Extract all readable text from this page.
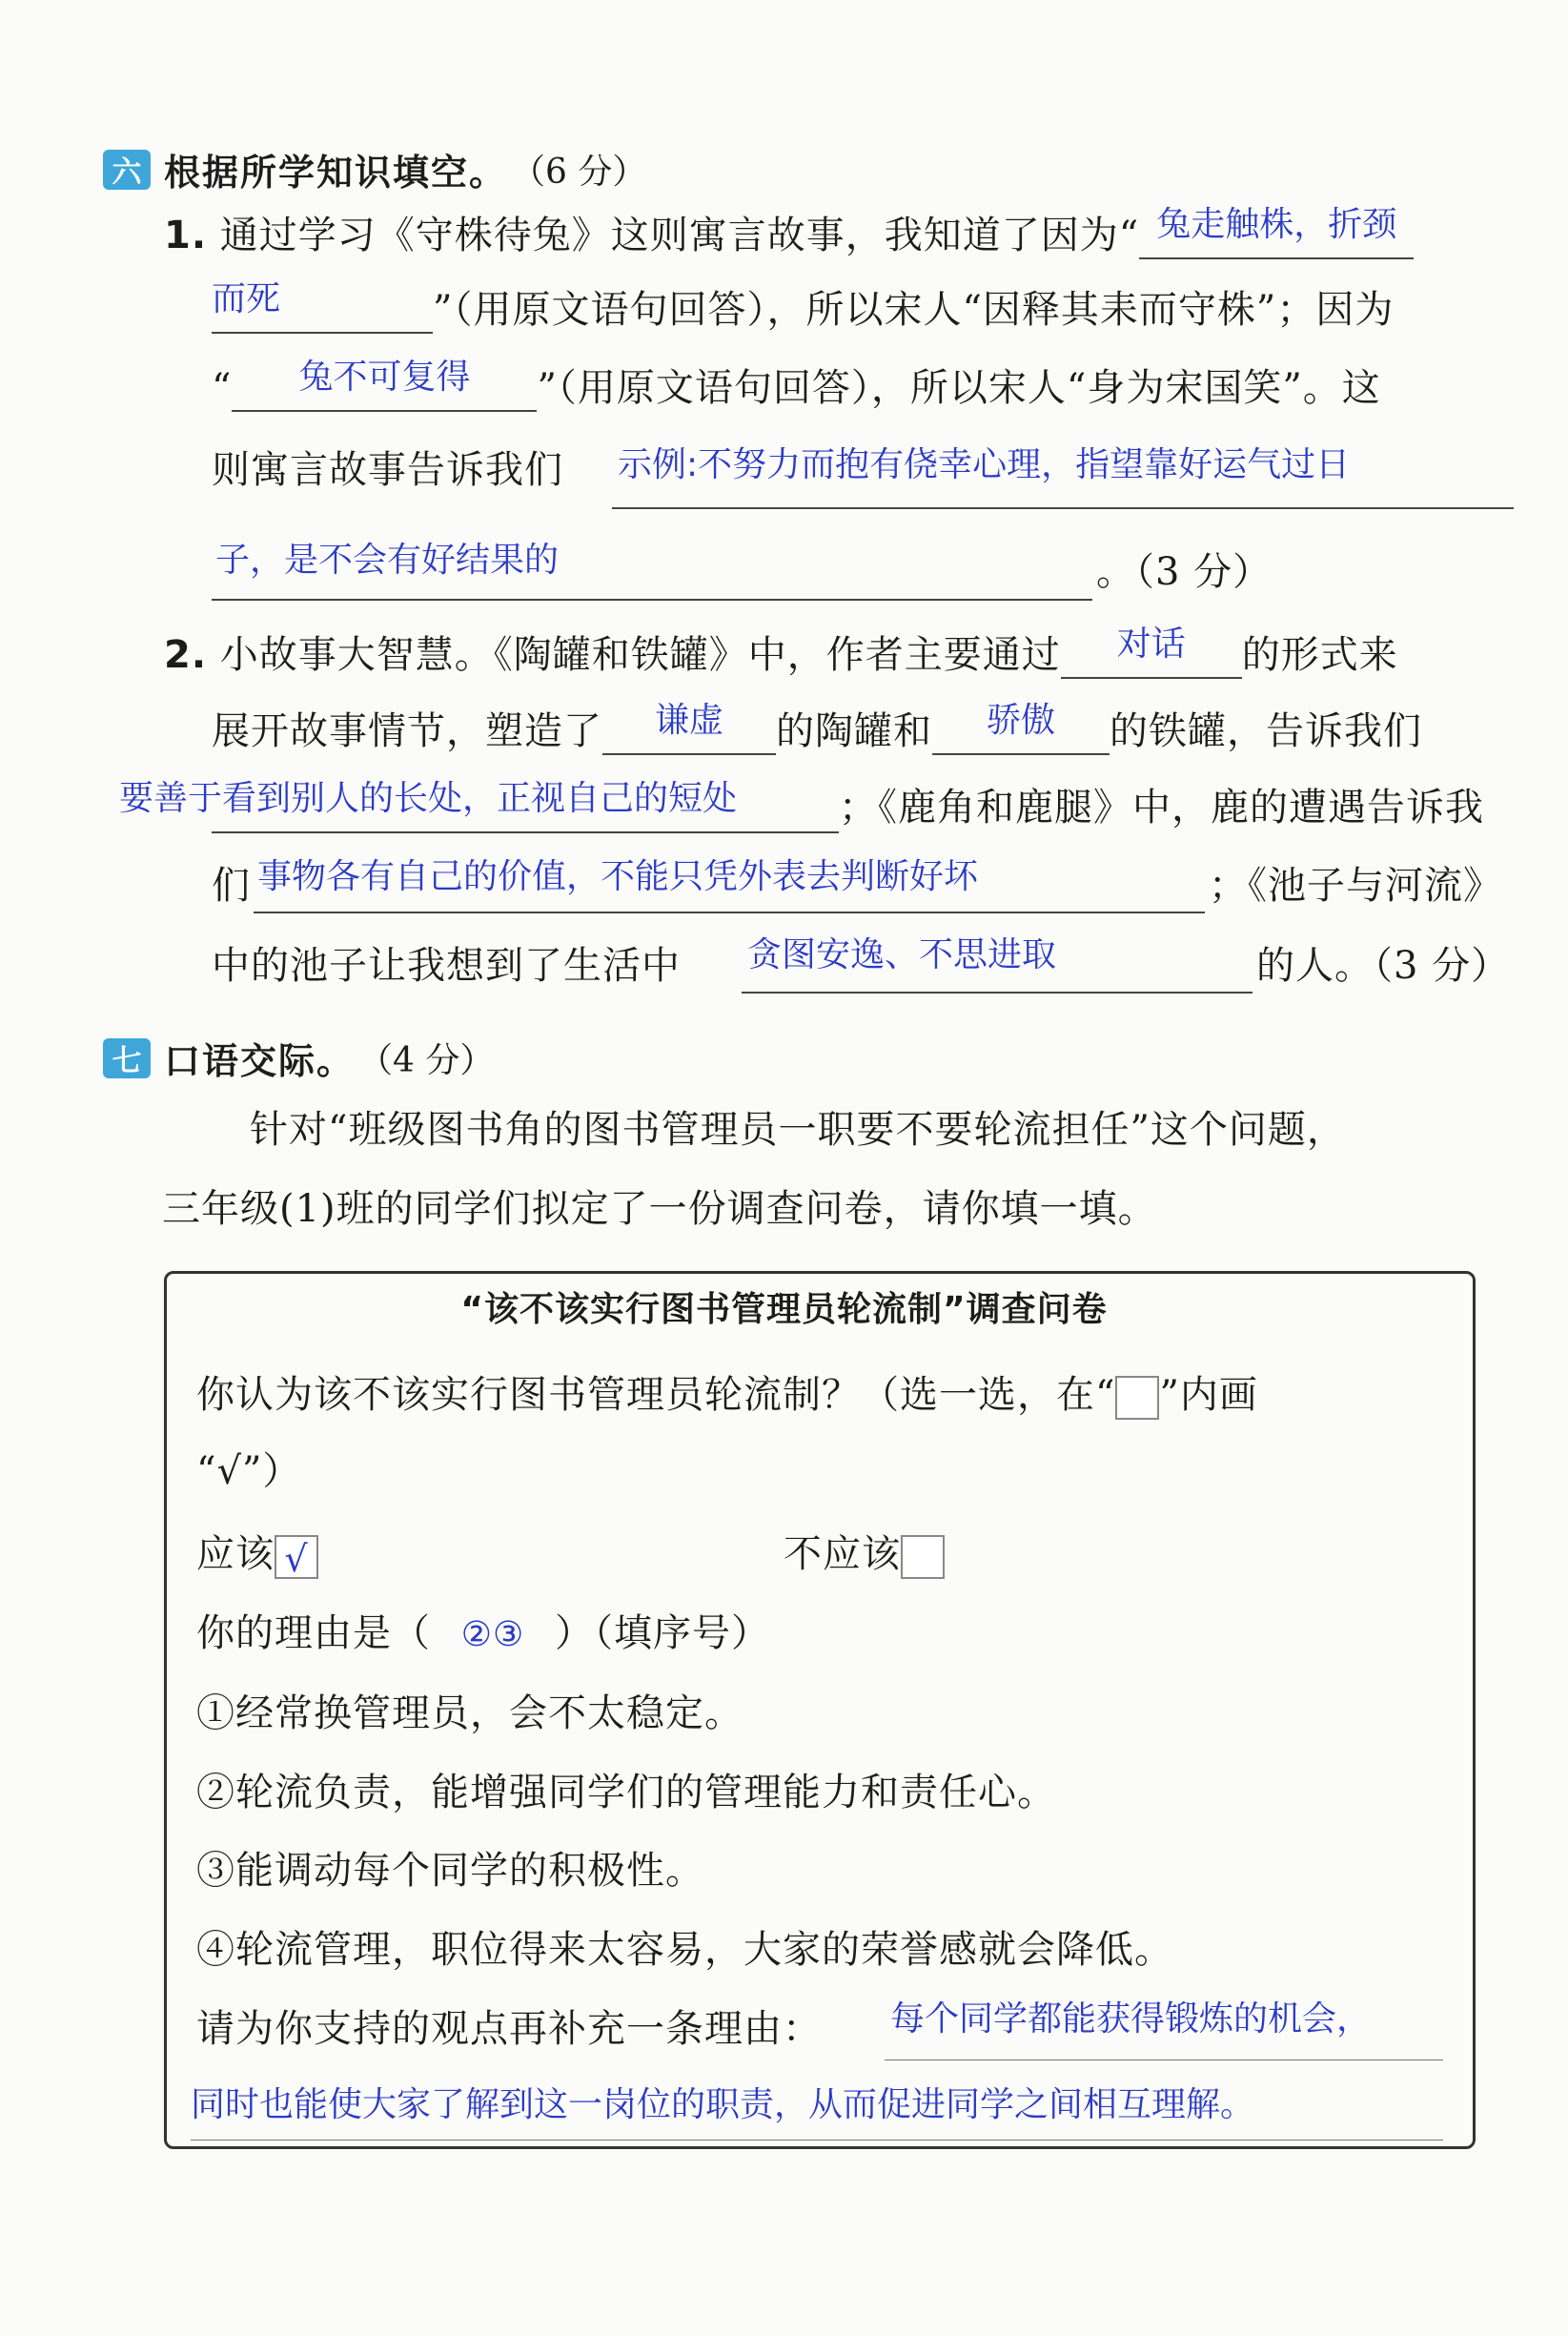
六 根据所学知识填空。 （6 分）
1. 通过学习《守株待兔》这则寓言故事，我知道了因为“ 兔走触株，折颈
而死	”（用原文语句回答），所以宋人“因释其耒而守株”；因为
“	兔不可复得	”（用原文语句回答），所以宋人“身为宋国笑”。这
则寓言故事告诉我们 示例:不努力而抱有侥幸心理，指望靠好运气过日
子，是不会有好结果的	。（3 分）
2. 小故事大智慧。《陶罐和铁罐》中，作者主要通过	对话	的形式来
展开故事情节，塑造了	谦虚	的陶罐和	骄傲	的铁罐，告诉我们
要善于看到别人的长处，正视自己的短处	；《鹿角和鹿腿》中，鹿的遭遇告诉我
们 事物各有自己的价值，不能只凭外表去判断好坏	；《池子与河流》
中的池子让我想到了生活中 贪图安逸、不思进取	的人。（3 分）
七 口语交际。 （4 分）
针对“班级图书角的图书管理员一职要不要轮流担任”这个问题，
三年级(1)班的同学们拟定了一份调查问卷，请你填一填。
“该不该实行图书管理员轮流制”调查问卷
你认为该不该实行图书管理员轮流制？（选一选，在“ ”内画
“√”）
应该 √	不应该
你的理由是（ ②③ ）（填序号）
①经常换管理员，会不太稳定。
②轮流负责，能增强同学们的管理能力和责任心。
③能调动每个同学的积极性。
④轮流管理，职位得来太容易，大家的荣誉感就会降低。
请为你支持的观点再补充一条理由： 每个同学都能获得锻炼的机会，
同时也能使大家了解到这一岗位的职责，从而促进同学之间相互理解。
